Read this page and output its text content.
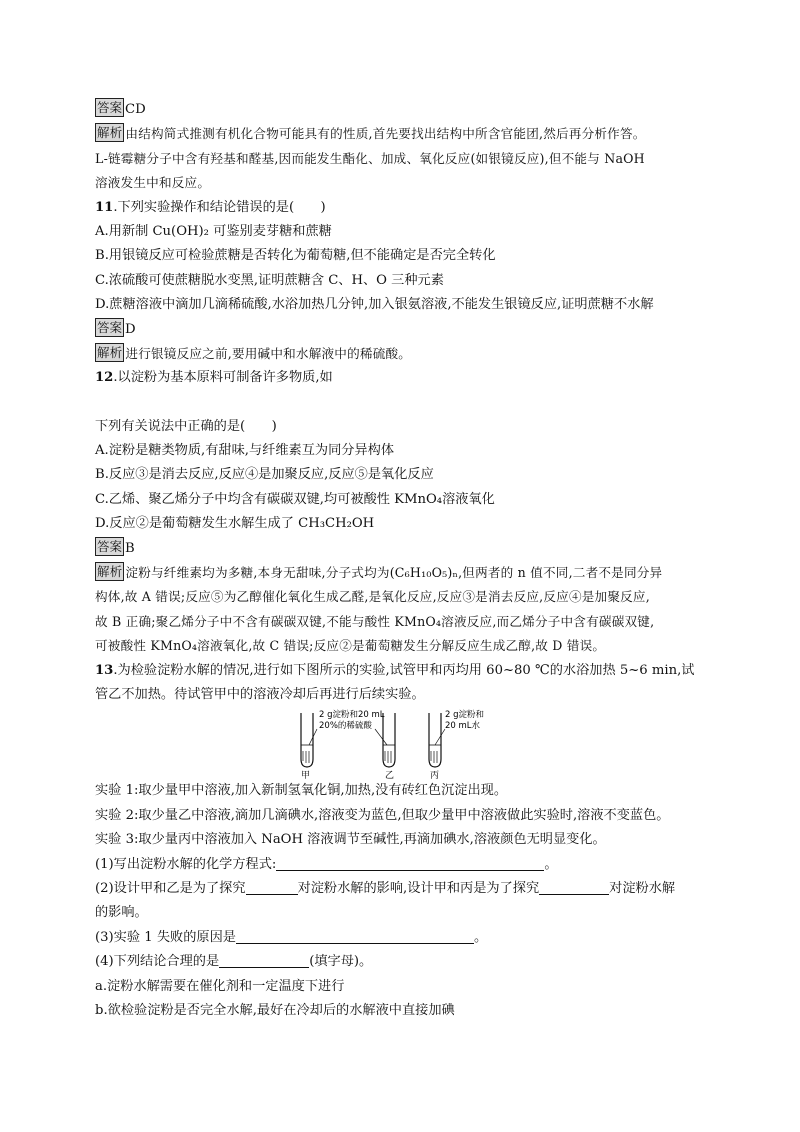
答案 CD
解析 由结构简式推测有机化合物可能具有的性质,首先要找出结构中所含官能团,然后再分析作答。
L-链霉糖分子中含有羟基和醛基,因而能发生酯化、加成、氧化反应(如银镜反应),但不能与 NaOH
溶液发生中和反应。
11.下列实验操作和结论错误的是(　　)
A.用新制 Cu(OH)₂ 可鉴别麦芽糖和蔗糖
B.用银镜反应可检验蔗糖是否转化为葡萄糖,但不能确定是否完全转化
C.浓硫酸可使蔗糖脱水变黑,证明蔗糖含 C、H、O 三种元素
D.蔗糖溶液中滴加几滴稀硫酸,水浴加热几分钟,加入银氨溶液,不能发生银镜反应,证明蔗糖不水解
答案 D
解析 进行银镜反应之前,要用碱中和水解液中的稀硫酸。
12.以淀粉为基本原料可制备许多物质,如
下列有关说法中正确的是(　　)
A.淀粉是糖类物质,有甜味,与纤维素互为同分异构体
B.反应③是消去反应,反应④是加聚反应,反应⑤是氧化反应
C.乙烯、聚乙烯分子中均含有碳碳双键,均可被酸性 KMnO₄溶液氧化
D.反应②是葡萄糖发生水解生成了 CH₃CH₂OH
答案 B
解析 淀粉与纤维素均为多糖,本身无甜味,分子式均为(C₆H₁₀O₅)ₙ,但两者的 n 值不同,二者不是同分异
构体,故 A 错误;反应⑤为乙醇催化氧化生成乙醛,是氧化反应,反应③是消去反应,反应④是加聚反应,
故 B 正确;聚乙烯分子中不含有碳碳双键,不能与酸性 KMnO₄溶液反应,而乙烯分子中含有碳碳双键,
可被酸性 KMnO₄溶液氧化,故 C 错误;反应②是葡萄糖发生分解反应生成乙醇,故 D 错误。
13.为检验淀粉水解的情况,进行如下图所示的实验,试管甲和丙均用 60~80 ℃的水浴加热 5~6 min,试
管乙不加热。待试管甲中的溶液冷却后再进行后续实验。
2 g淀粉和20 mL
20%的稀硫酸
2 g淀粉和
20 mL水
甲	乙	丙
实验 1:取少量甲中溶液,加入新制氢氧化铜,加热,没有砖红色沉淀出现。
实验 2:取少量乙中溶液,滴加几滴碘水,溶液变为蓝色,但取少量甲中溶液做此实验时,溶液不变蓝色。
实验 3:取少量丙中溶液加入 NaOH 溶液调节至碱性,再滴加碘水,溶液颜色无明显变化。
(1)写出淀粉水解的化学方程式:	。
(2)设计甲和乙是为了探究	对淀粉水解的影响,设计甲和丙是为了探究	对淀粉水解
的影响。
(3)实验 1 失败的原因是	。
(4)下列结论合理的是	(填字母)。
a.淀粉水解需要在催化剂和一定温度下进行
b.欲检验淀粉是否完全水解,最好在冷却后的水解液中直接加碘
